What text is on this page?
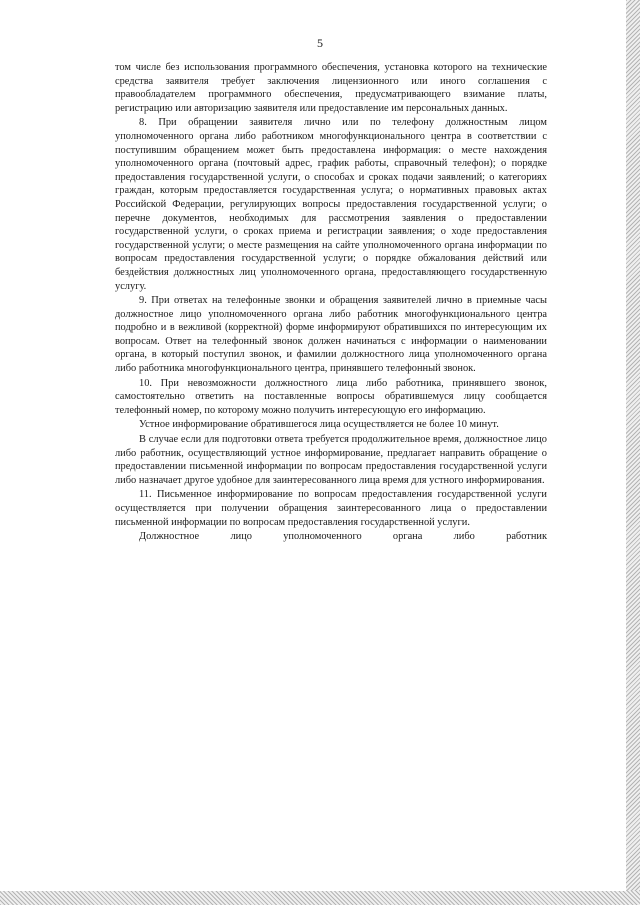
5

том числе без использования программного обеспечения, установка которого на технические средства заявителя требует заключения лицензионного или иного соглашения с правообладателем программного обеспечения, предусматривающего взимание платы, регистрацию или авторизацию заявителя или предоставление им персональных данных.

8. При обращении заявителя лично или по телефону должностным лицом уполномоченного органа либо работником многофункционального центра в соответствии с поступившим обращением может быть предоставлена информация: о месте нахождения уполномоченного органа (почтовый адрес, график работы, справочный телефон); о порядке предоставления государственной услуги, о способах и сроках подачи заявлений; о категориях граждан, которым предоставляется государственная услуга; о нормативных правовых актах Российской Федерации, регулирующих вопросы предоставления государственной услуги; о перечне документов, необходимых для рассмотрения заявления о предоставлении государственной услуги, о сроках приема и регистрации заявления; о ходе предоставления государственной услуги; о месте размещения на сайте уполномоченного органа информации по вопросам предоставления государственной услуги; о порядке обжалования действий или бездействия должностных лиц уполномоченного органа, предоставляющего государственную услугу.

9. При ответах на телефонные звонки и обращения заявителей лично в приемные часы должностное лицо уполномоченного органа либо работник многофункционального центра подробно и в вежливой (корректной) форме информируют обратившихся по интересующим их вопросам. Ответ на телефонный звонок должен начинаться с информации о наименовании органа, в который поступил звонок, и фамилии должностного лица уполномоченного органа либо работника многофункционального центра, принявшего телефонный звонок.

10. При невозможности должностного лица либо работника, принявшего звонок, самостоятельно ответить на поставленные вопросы обратившемуся лицу сообщается телефонный номер, по которому можно получить интересующую его информацию.

Устное информирование обратившегося лица осуществляется не более 10 минут.

В случае если для подготовки ответа требуется продолжительное время, должностное лицо либо работник, осуществляющий устное информирование, предлагает направить обращение о предоставлении письменной информации по вопросам предоставления государственной услуги либо назначает другое удобное для заинтересованного лица время для устного информирования.

11. Письменное информирование по вопросам предоставления государственной услуги осуществляется при получении обращения заинтересованного лица о предоставлении письменной информации по вопросам предоставления государственной услуги.

Должностное лицо уполномоченного органа либо работник
